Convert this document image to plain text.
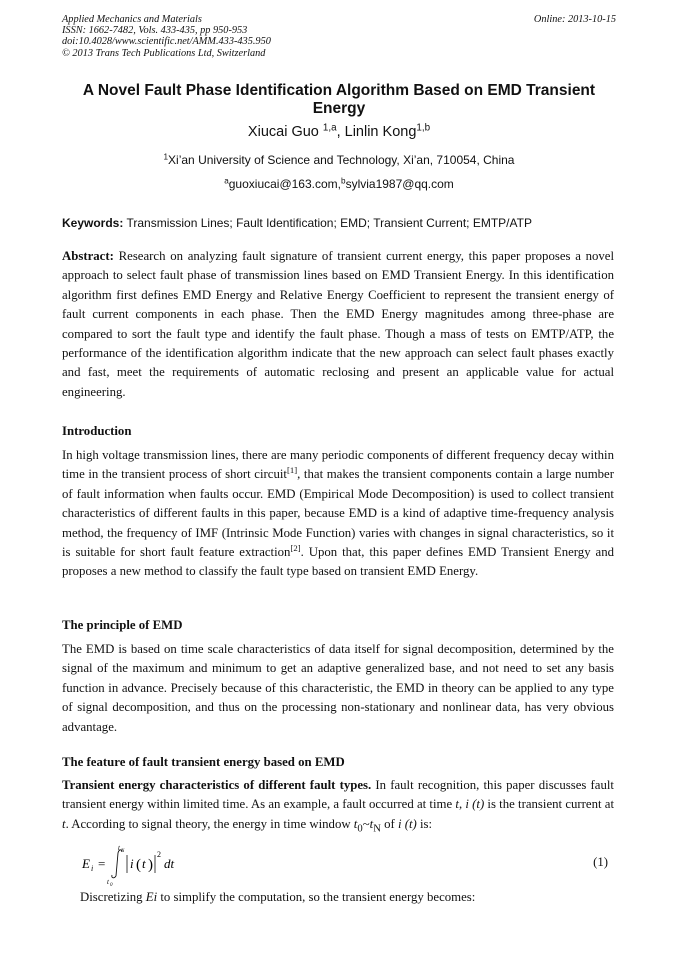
Applied Mechanics and Materials
ISSN: 1662-7482, Vols. 433-435, pp 950-953
doi:10.4028/www.scientific.net/AMM.433-435.950
© 2013 Trans Tech Publications Ltd, Switzerland
Online: 2013-10-15
A Novel Fault Phase Identification Algorithm Based on EMD Transient Energy
Xiucai Guo $^{1,a}$, Linlin Kong$^{1,b}$
$^1$Xi’an University of Science and Technology, Xi’an, 710054, China
$^a$guoxiucai@163.com,$^b$sylvia1987@qq.com
Keywords: Transmission Lines; Fault Identification; EMD; Transient Current; EMTP/ATP
Abstract: Research on analyzing fault signature of transient current energy, this paper proposes a novel approach to select fault phase of transmission lines based on EMD Transient Energy. In this identification algorithm first defines EMD Energy and Relative Energy Coefficient to represent the transient energy of fault current components in each phase. Then the EMD Energy magnitudes among three-phase are compared to sort the fault type and identify the fault phase. Though a mass of tests on EMTP/ATP, the performance of the identification algorithm indicate that the new approach can select fault phases exactly and fast, meet the requirements of automatic reclosing and present an applicable value for actual engineering.
Introduction
In high voltage transmission lines, there are many periodic components of different frequency decay within time in the transient process of short circuit[1], that makes the transient components contain a large number of fault information when faults occur. EMD (Empirical Mode Decomposition) is used to collect transient characteristics of different faults in this paper, because EMD is a kind of adaptive time-frequency analysis method, the frequency of IMF (Intrinsic Mode Function) varies with changes in signal characteristics, so it is suitable for short fault feature extraction[2]. Upon that, this paper defines EMD Transient Energy and proposes a new method to classify the fault type based on transient EMD Energy.
The principle of EMD
The EMD is based on time scale characteristics of data itself for signal decomposition, determined by the signal of the maximum and minimum to get an adaptive generalized base, and not need to set any basis function in advance. Precisely because of this characteristic, the EMD in theory can be applied to any type of signal decomposition, and thus on the processing non-stationary and nonlinear data, has very obvious advantage.
The feature of fault transient energy based on EMD
Transient energy characteristics of different fault types. In fault recognition, this paper discusses fault transient energy within limited time. As an example, a fault occurred at time t, i (t) is the transient current at t. According to signal theory, the energy in time window $t_0\sim t_N$ of i (t) is:
E i =
t N
t 0
i ( t )
2
dt	(1)
Discretizing Ei to simplify the computation, so the transient energy becomes:
